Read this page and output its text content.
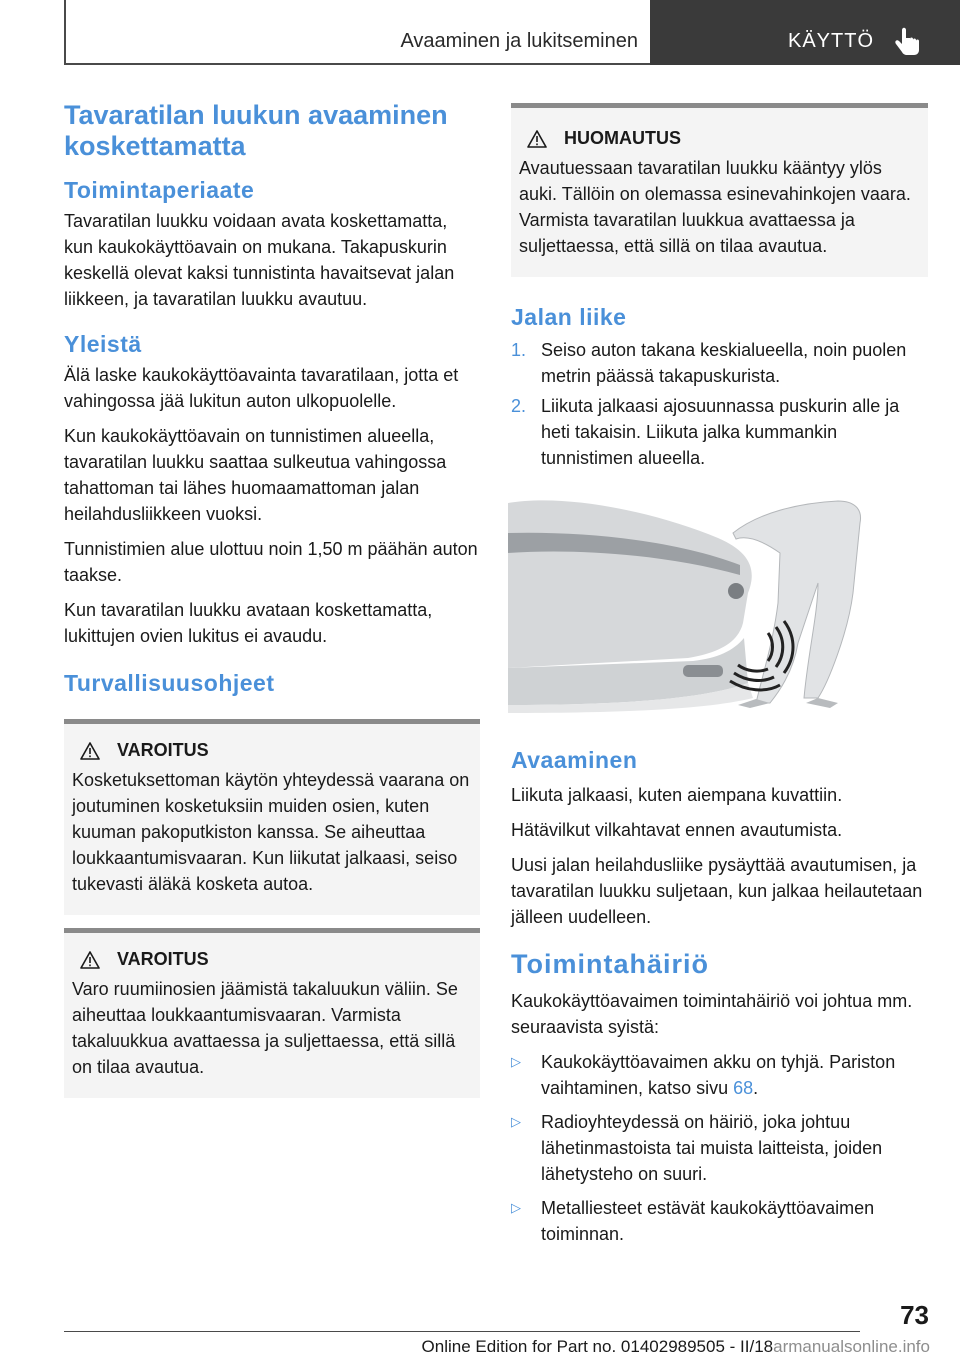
Avaaminen ja lukitseminen	KÄYTTÖ
Tavaratilan luukun avaaminen koskettamatta
Toimintaperiaate

Tavaratilan luukku voidaan avata koskettamatta, kun kaukokäyttöavain on mukana. Takapuskurin keskellä olevat kaksi tunnistinta havaitsevat jalan liikkeen, ja tavaratilan luukku avautuu.

Yleistä

Älä laske kaukokäyttöavainta tavaratilaan, jotta et vahingossa jää lukitun auton ulkopuolelle.

Kun kaukokäyttöavain on tunnistimen alueella, tavaratilan luukku saattaa sulkeutua vahingossa tahattoman tai lähes huomaamattoman jalan heilahdusliikkeen vuoksi.

Tunnistimien alue ulottuu noin 1,50 m päähän auton taakse.

Kun tavaratilan luukku avataan koskettamatta, lukittujen ovien lukitus ei avaudu.

Turvallisuusohjeet
VAROITUS

Kosketuksettoman käytön yhteydessä vaarana on joutuminen kosketuksiin muiden osien, kuten kuuman pakoputkiston kanssa. Se aiheuttaa loukkaantumisvaaran. Kun liikutat jalkaasi, seiso tukevasti äläkä kosketa autoa.

VAROITUS

Varo ruumiinosien jäämistä takaluukun väliin. Se aiheuttaa loukkaantumisvaaran. Varmista takaluukkua avattaessa ja suljettaessa, että sillä on tilaa avautua.

HUOMAUTUS

Avautuessaan tavaratilan luukku kääntyy ylös auki. Tällöin on olemassa esinevahinkojen vaara. Varmista tavaratilan luukkua avattaessa ja suljettaessa, että sillä on tilaa avautua.

Jalan liike
1. Seiso auton takana keskialueella, noin puolen metrin päässä takapuskurista.
2. Liikuta jalkaasi ajosuunnassa puskurin alle ja heti takaisin. Liikuta jalka kummankin tunnistimen alueella.
Avaaminen

Liikuta jalkaasi, kuten aiempana kuvattiin.

Hätävilkut vilkahtavat ennen avautumista.

Uusi jalan heilahdusliike pysäyttää avautumisen, ja tavaratilan luukku suljetaan, kun jalkaa heilautetaan jälleen uudelleen.

Toimintahäiriö

Kaukokäyttöavaimen toimintahäiriö voi johtua mm. seuraavista syistä:

▷	Kaukokäyttöavaimen akku on tyhjä. Pariston vaihtaminen, katso sivu 68.
▷	Radioyhteydessä on häiriö, joka johtuu lähetinmastoista tai muista laitteista, joiden lähetysteho on suuri.
▷	Metalliesteet estävät kaukokäyttöavaimen toiminnan.
73
Online Edition for Part no. 01402989505 - II/18armanualsonline.info
